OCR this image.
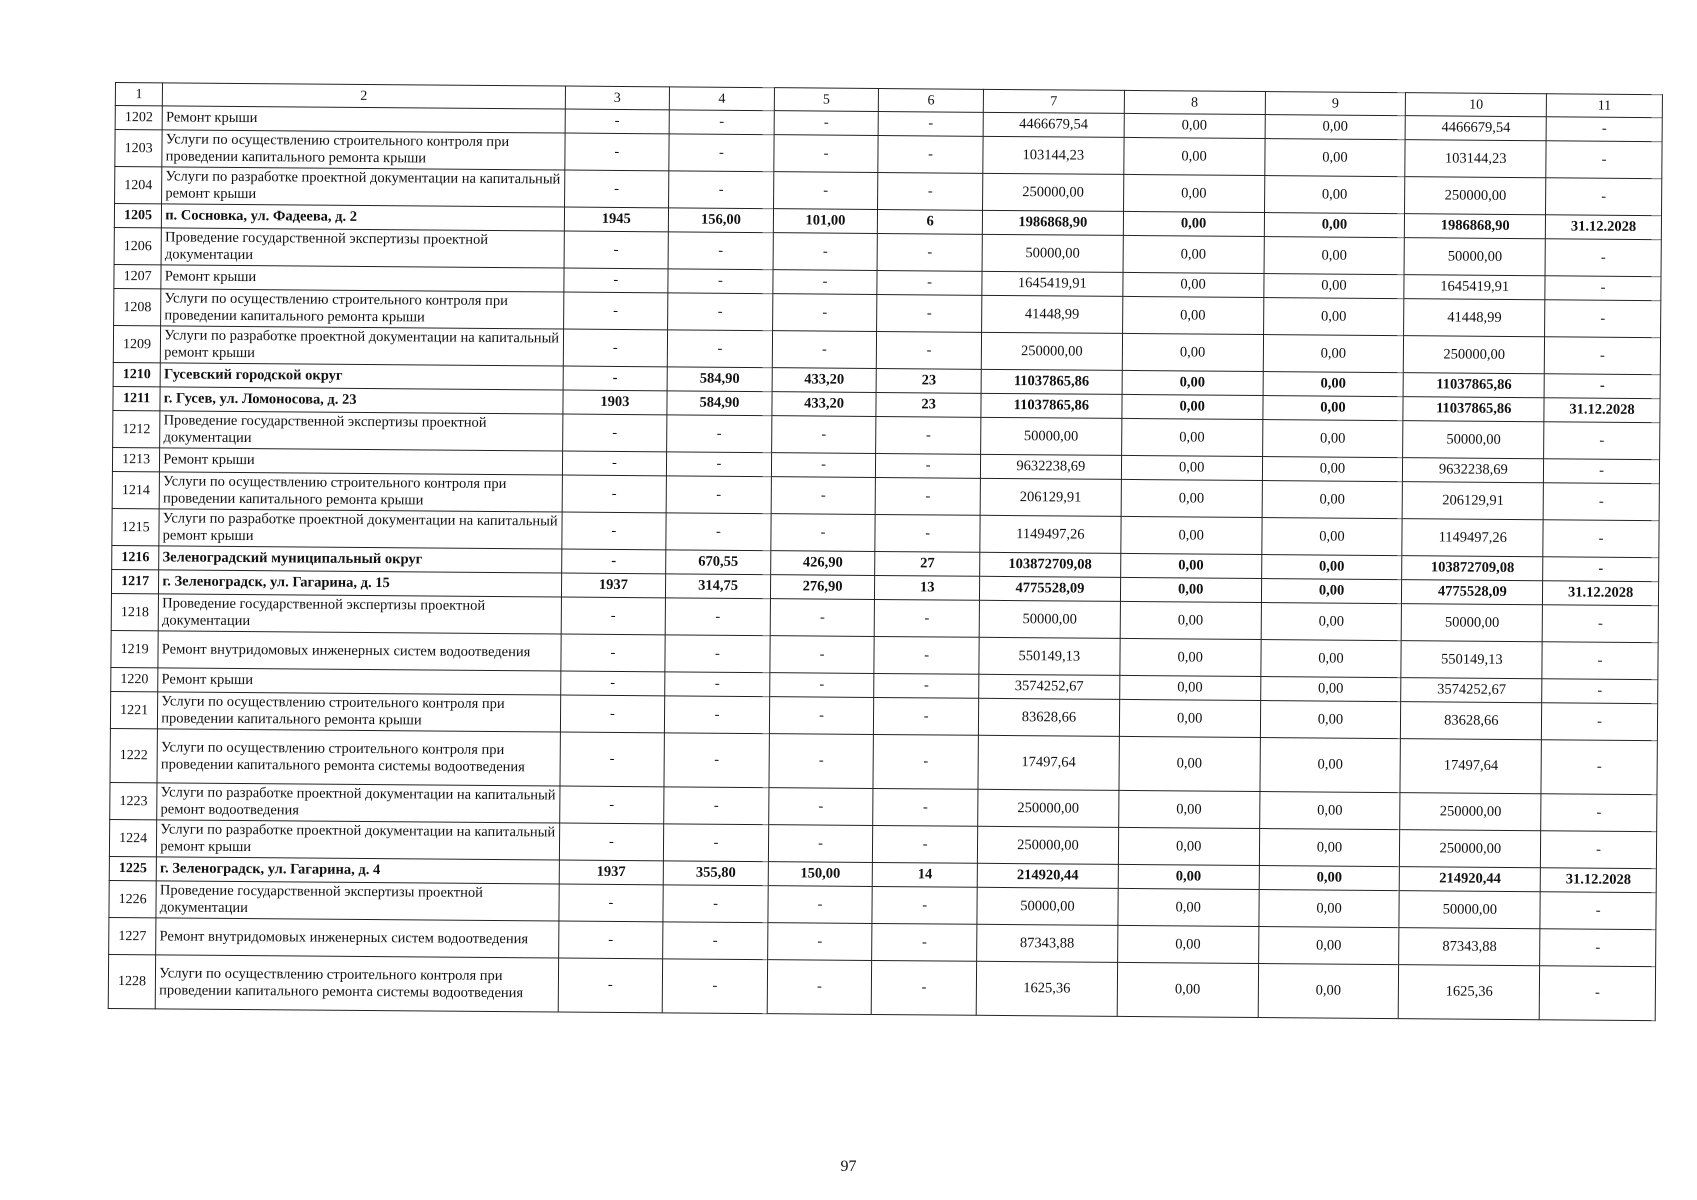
1	2	3	4	5	6	7	8	9	10	11
1202	Ремонт крыши	-	-	-	-	4466679,54	0,00	0,00	4466679,54	-
1203	Услуги по осуществлению строительного контроля при проведении капитального ремонта крыши	-	-	-	-	103144,23	0,00	0,00	103144,23	-
1204	Услуги по разработке проектной документации на капитальный ремонт крыши	-	-	-	-	250000,00	0,00	0,00	250000,00	-
1205	п. Сосновка, ул. Фадеева, д. 2	1945	156,00	101,00	6	1986868,90	0,00	0,00	1986868,90	31.12.2028
1206	Проведение государственной экспертизы проектной документации	-	-	-	-	50000,00	0,00	0,00	50000,00	-
1207	Ремонт крыши	-	-	-	-	1645419,91	0,00	0,00	1645419,91	-
1208	Услуги по осуществлению строительного контроля при проведении капитального ремонта крыши	-	-	-	-	41448,99	0,00	0,00	41448,99	-
1209	Услуги по разработке проектной документации на капитальный ремонт крыши	-	-	-	-	250000,00	0,00	0,00	250000,00	-
1210	Гусевский городской округ	-	584,90	433,20	23	11037865,86	0,00	0,00	11037865,86	-
1211	г. Гусев, ул. Ломоносова, д. 23	1903	584,90	433,20	23	11037865,86	0,00	0,00	11037865,86	31.12.2028
1212	Проведение государственной экспертизы проектной документации	-	-	-	-	50000,00	0,00	0,00	50000,00	-
1213	Ремонт крыши	-	-	-	-	9632238,69	0,00	0,00	9632238,69	-
1214	Услуги по осуществлению строительного контроля при проведении капитального ремонта крыши	-	-	-	-	206129,91	0,00	0,00	206129,91	-
1215	Услуги по разработке проектной документации на капитальный ремонт крыши	-	-	-	-	1149497,26	0,00	0,00	1149497,26	-
1216	Зеленоградский муниципальный округ	-	670,55	426,90	27	103872709,08	0,00	0,00	103872709,08	-
1217	г. Зеленоградск, ул. Гагарина, д. 15	1937	314,75	276,90	13	4775528,09	0,00	0,00	4775528,09	31.12.2028
1218	Проведение государственной экспертизы проектной документации	-	-	-	-	50000,00	0,00	0,00	50000,00	-
1219	Ремонт внутридомовых инженерных систем водоотведения	-	-	-	-	550149,13	0,00	0,00	550149,13	-
1220	Ремонт крыши	-	-	-	-	3574252,67	0,00	0,00	3574252,67	-
1221	Услуги по осуществлению строительного контроля при проведении капитального ремонта крыши	-	-	-	-	83628,66	0,00	0,00	83628,66	-
1222	Услуги по осуществлению строительного контроля при проведении капитального ремонта системы водоотведения	-	-	-	-	17497,64	0,00	0,00	17497,64	-
1223	Услуги по разработке проектной документации на капитальный ремонт водоотведения	-	-	-	-	250000,00	0,00	0,00	250000,00	-
1224	Услуги по разработке проектной документации на капитальный ремонт крыши	-	-	-	-	250000,00	0,00	0,00	250000,00	-
1225	г. Зеленоградск, ул. Гагарина, д. 4	1937	355,80	150,00	14	214920,44	0,00	0,00	214920,44	31.12.2028
1226	Проведение государственной экспертизы проектной документации	-	-	-	-	50000,00	0,00	0,00	50000,00	-
1227	Ремонт внутридомовых инженерных систем водоотведения	-	-	-	-	87343,88	0,00	0,00	87343,88	-
1228	Услуги по осуществлению строительного контроля при проведении капитального ремонта системы водоотведения	-	-	-	-	1625,36	0,00	0,00	1625,36	-
97
